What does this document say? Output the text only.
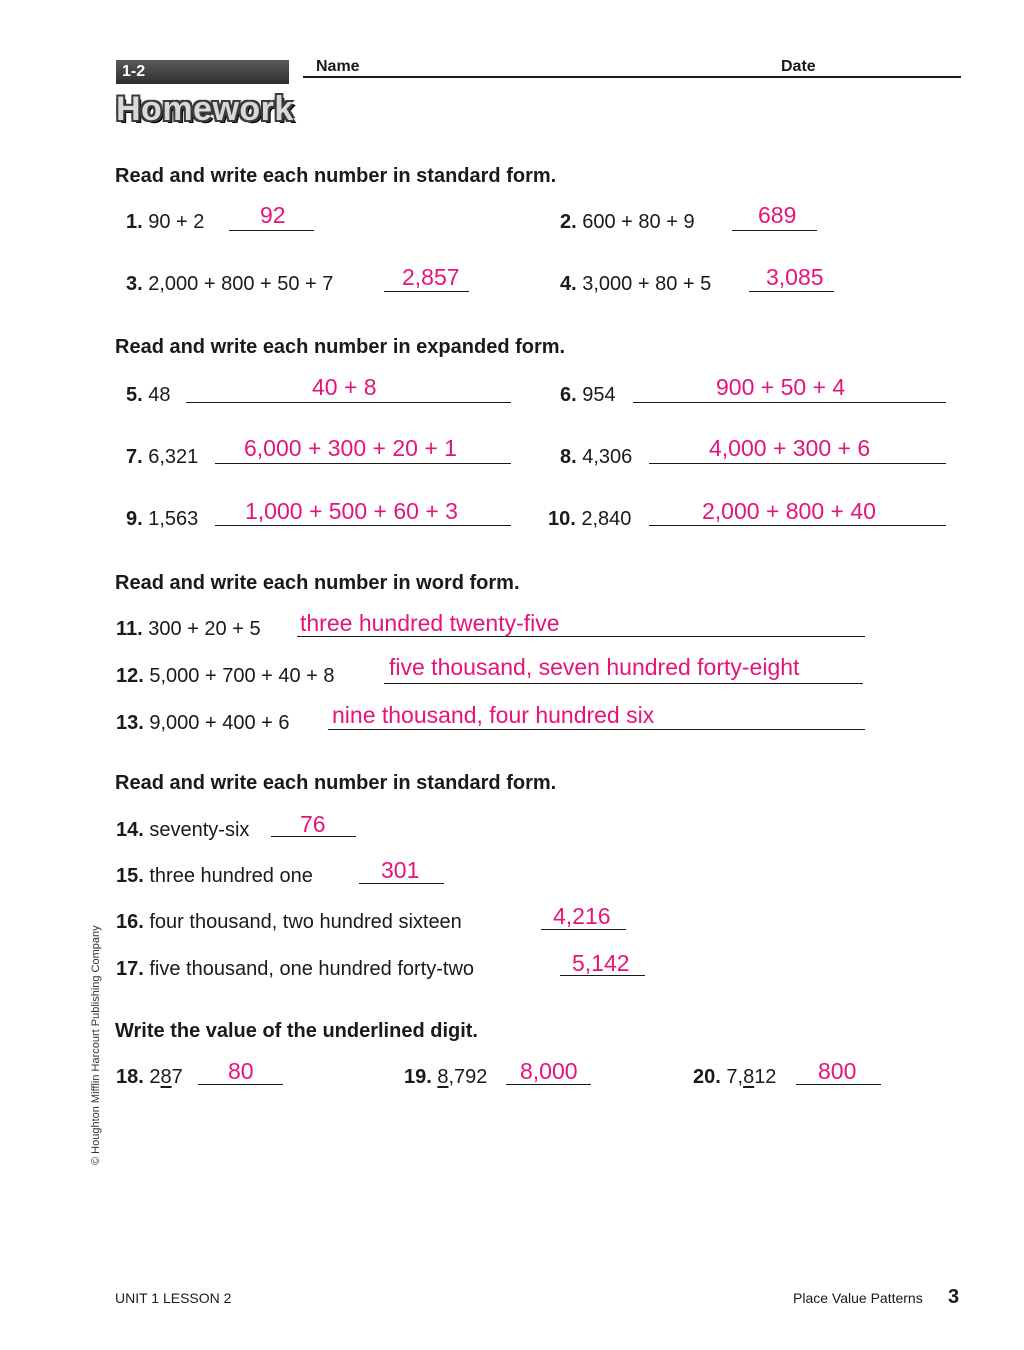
1-2
Homework
Name	Date
Read and write each number in standard form.
1. 90 + 2 92	2. 600 + 80 + 9	689
3. 2,000 + 800 + 50 + 7	2,857	4. 3,000 + 80 + 5 3,085
Read and write each number in expanded form.
5. 48	40 + 8	6. 954	900 + 50 + 4
7. 6,321 6,000 + 300 + 20 + 1	8. 4,306	4,000 + 300 + 6
9. 1,563 1,000 + 500 + 60 + 3	10. 2,840	2,000 + 800 + 40
Read and write each number in word form.
11. 300 + 20 + 5 three hundred twenty-five
12. 5,000 + 700 + 40 + 8 five thousand, seven hundred forty-eight
13. 9,000 + 400 + 6 nine thousand, four hundred six
Read and write each number in standard form.
14. seventy-six 76
15. three hundred one	301
16. four thousand, two hundred sixteen	4,216
17. five thousand, one hundred forty-two	5,142
Write the value of the underlined digit.
18. 287 80	19. 8,792 8,000	20. 7,812 800
© Houghton Mifflin Harcourt Publishing Company
UNIT 1 LESSON 2	Place Value Patterns 3
